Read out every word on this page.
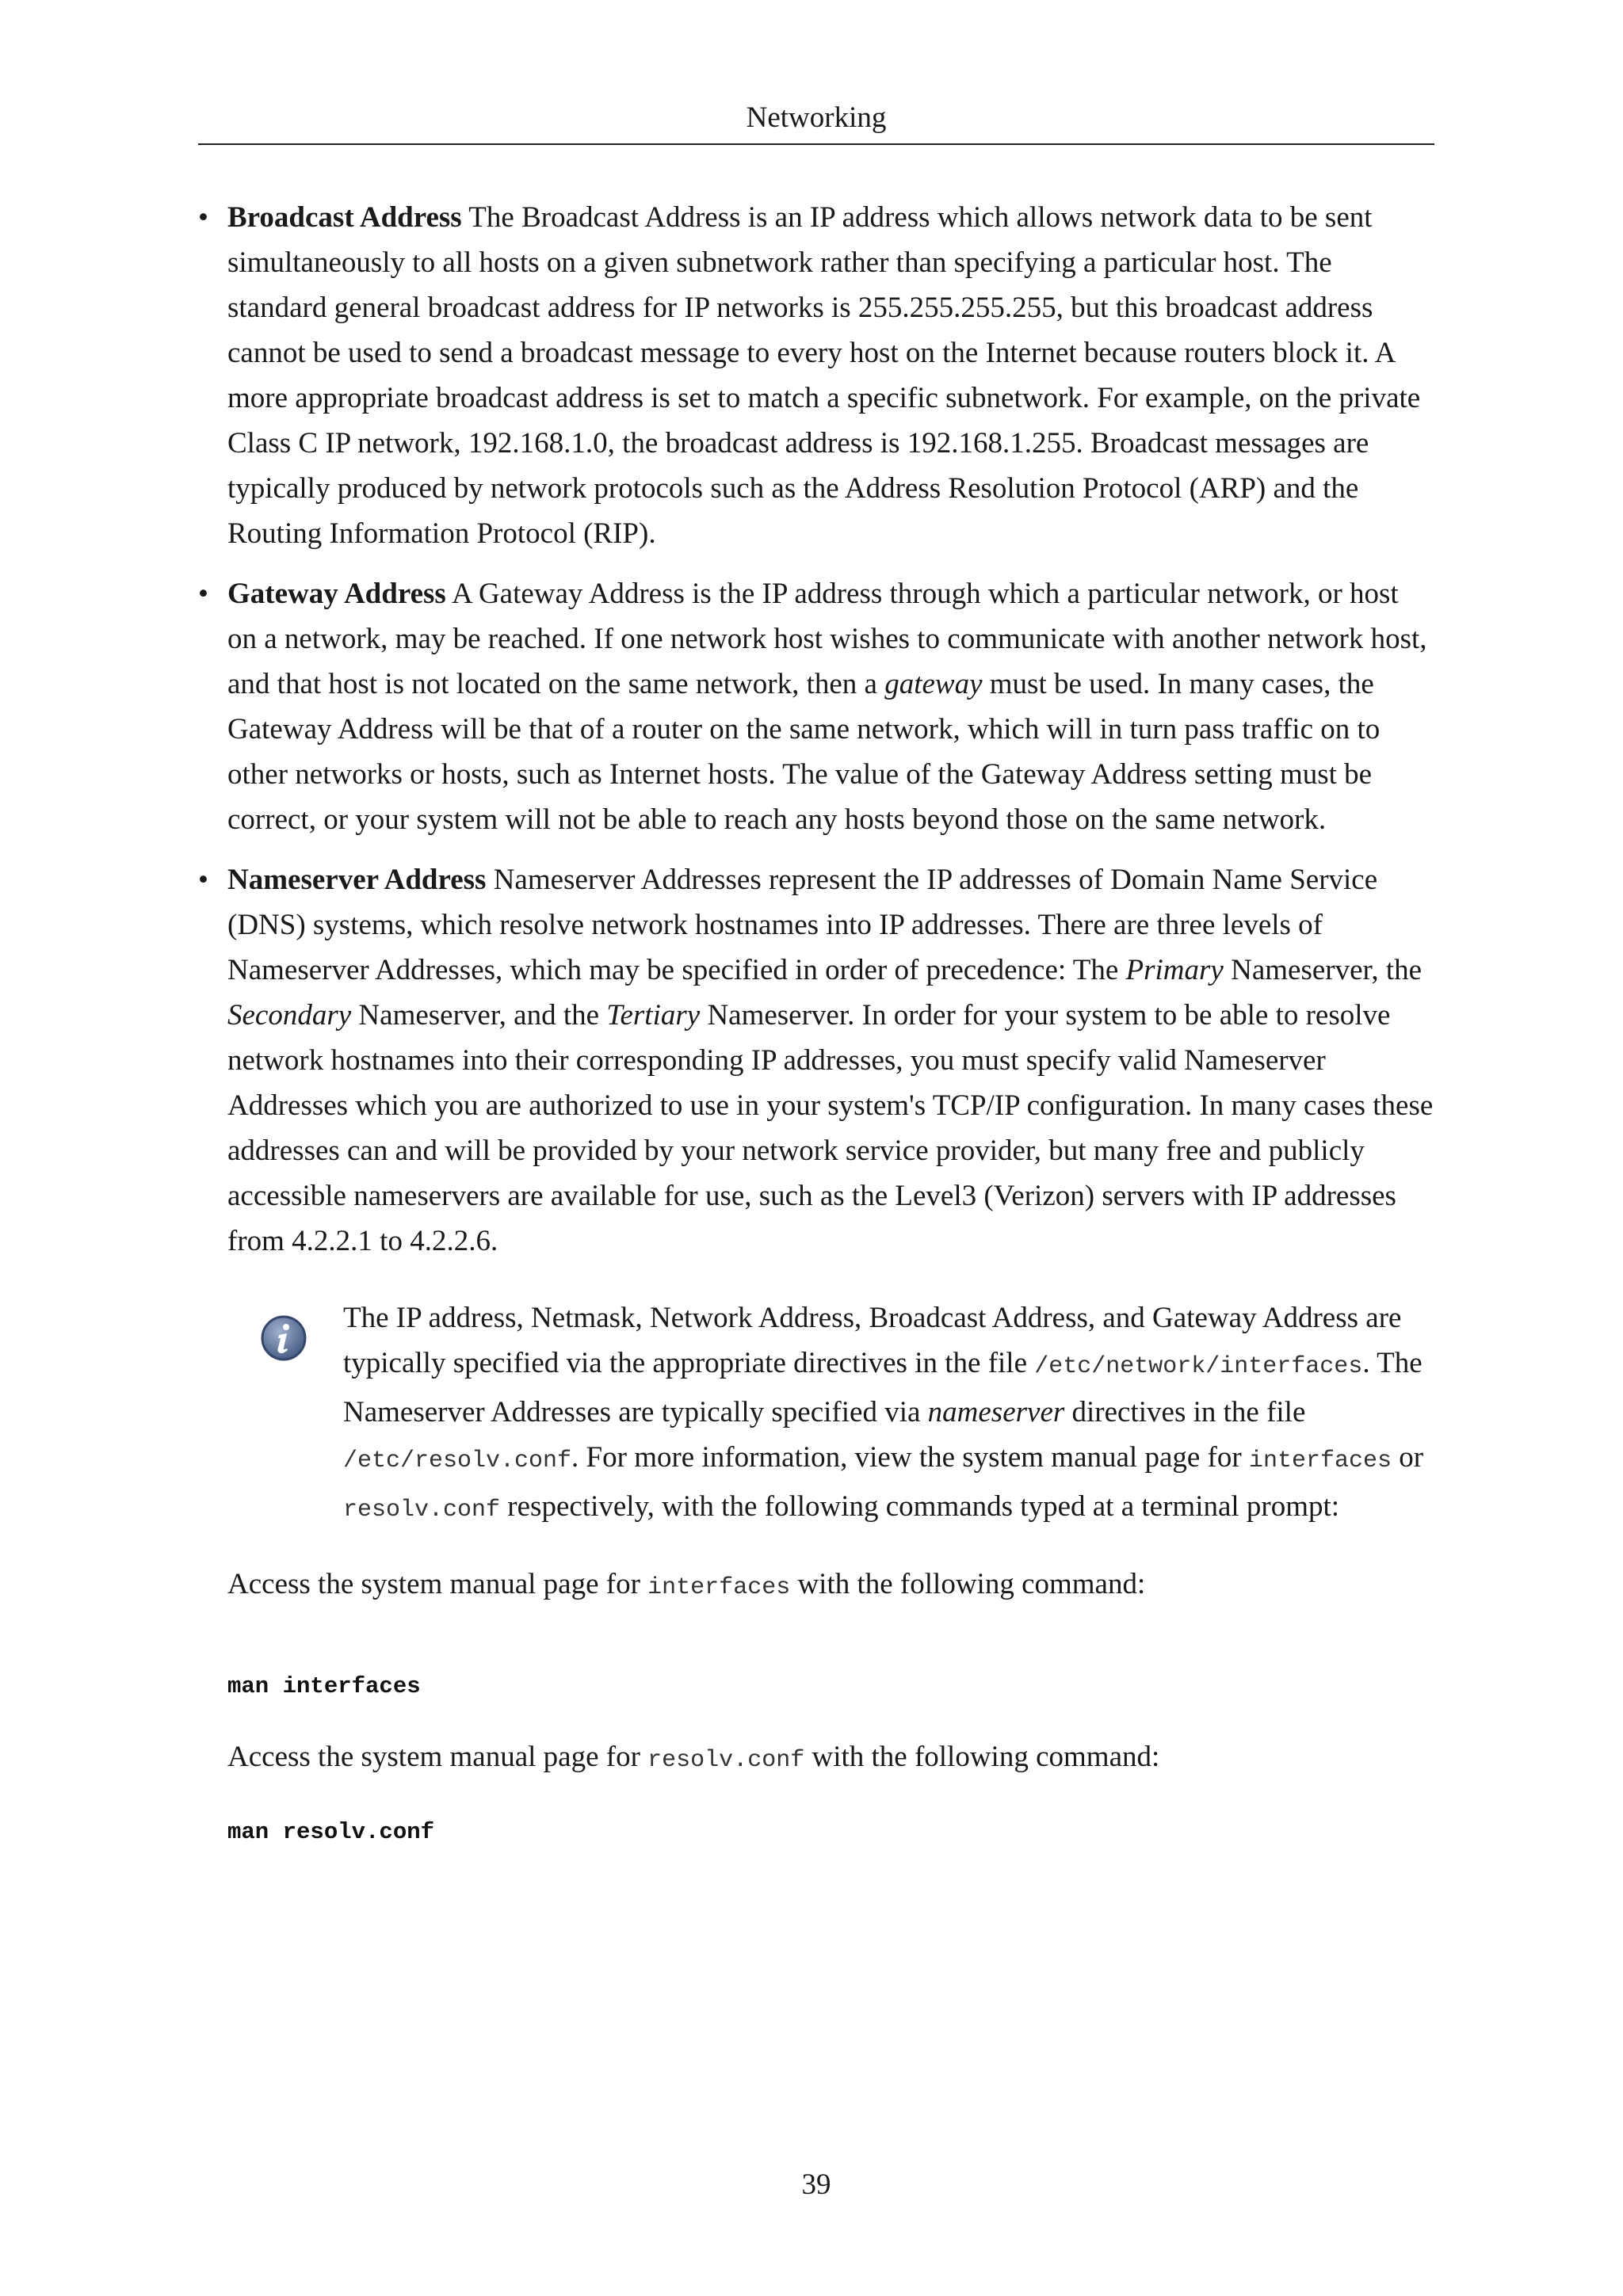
Networking
• Broadcast Address The Broadcast Address is an IP address which allows network data to be sent simultaneously to all hosts on a given subnetwork rather than specifying a particular host. The standard general broadcast address for IP networks is 255.255.255.255, but this broadcast address cannot be used to send a broadcast message to every host on the Internet because routers block it. A more appropriate broadcast address is set to match a specific subnetwork. For example, on the private Class C IP network, 192.168.1.0, the broadcast address is 192.168.1.255. Broadcast messages are typically produced by network protocols such as the Address Resolution Protocol (ARP) and the Routing Information Protocol (RIP).
• Gateway Address A Gateway Address is the IP address through which a particular network, or host on a network, may be reached. If one network host wishes to communicate with another network host, and that host is not located on the same network, then a gateway must be used. In many cases, the Gateway Address will be that of a router on the same network, which will in turn pass traffic on to other networks or hosts, such as Internet hosts. The value of the Gateway Address setting must be correct, or your system will not be able to reach any hosts beyond those on the same network.
• Nameserver Address Nameserver Addresses represent the IP addresses of Domain Name Service (DNS) systems, which resolve network hostnames into IP addresses. There are three levels of Nameserver Addresses, which may be specified in order of precedence: The Primary Nameserver, the Secondary Nameserver, and the Tertiary Nameserver. In order for your system to be able to resolve network hostnames into their corresponding IP addresses, you must specify valid Nameserver Addresses which you are authorized to use in your system's TCP/IP configuration. In many cases these addresses can and will be provided by your network service provider, but many free and publicly accessible nameservers are available for use, such as the Level3 (Verizon) servers with IP addresses from 4.2.2.1 to 4.2.2.6.
The IP address, Netmask, Network Address, Broadcast Address, and Gateway Address are typically specified via the appropriate directives in the file /etc/network/interfaces. The Nameserver Addresses are typically specified via nameserver directives in the file /etc/resolv.conf. For more information, view the system manual page for interfaces or resolv.conf respectively, with the following commands typed at a terminal prompt:
Access the system manual page for interfaces with the following command:
man interfaces
Access the system manual page for resolv.conf with the following command:
man resolv.conf
39
